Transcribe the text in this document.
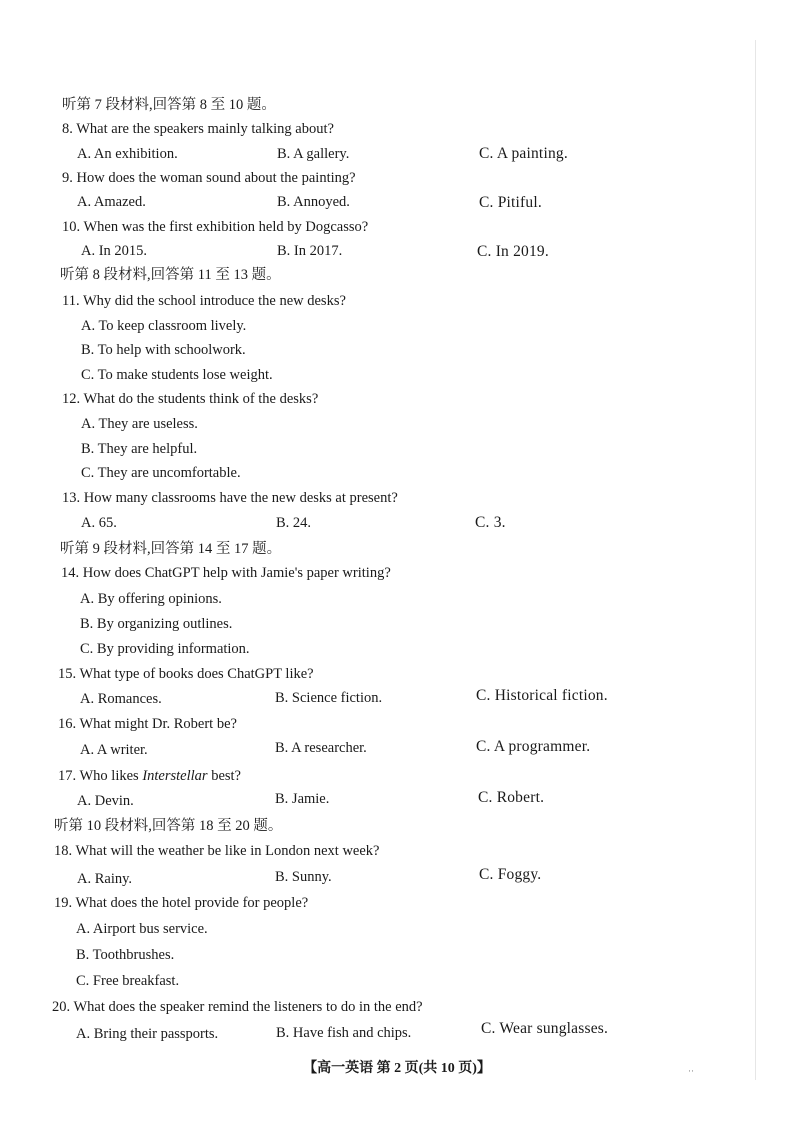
听第 7 段材料,回答第 8 至 10 题。
8. What are the speakers mainly talking about?
A. An exhibition.	B. A gallery.	C. A painting.
9. How does the woman sound about the painting?
A. Amazed.	B. Annoyed.	C. Pitiful.
10. When was the first exhibition held by Dogcasso?
A. In 2015.	B. In 2017.	C. In 2019.
听第 8 段材料,回答第 11 至 13 题。
11. Why did the school introduce the new desks?
A. To keep classroom lively.
B. To help with schoolwork.
C. To make students lose weight.
12. What do the students think of the desks?
A. They are useless.
B. They are helpful.
C. They are uncomfortable.
13. How many classrooms have the new desks at present?
A. 65.	B. 24.	C. 3.
听第 9 段材料,回答第 14 至 17 题。
14. How does ChatGPT help with Jamie's paper writing?
A. By offering opinions.
B. By organizing outlines.
C. By providing information.
15. What type of books does ChatGPT like?
A. Romances.	B. Science fiction.	C. Historical fiction.
16. What might Dr. Robert be?
A. A writer.	B. A researcher.	C. A programmer.
17. Who likes Interstellar best?
A. Devin.	B. Jamie.	C. Robert.
听第 10 段材料,回答第 18 至 20 题。
18. What will the weather be like in London next week?
A. Rainy.	B. Sunny.	C. Foggy.
19. What does the hotel provide for people?
A. Airport bus service.
B. Toothbrushes.
C. Free breakfast.
20. What does the speaker remind the listeners to do in the end?
A. Bring their passports.	B. Have fish and chips.	C. Wear sunglasses.
【高一英语 第 2 页(共 10 页)】	··
